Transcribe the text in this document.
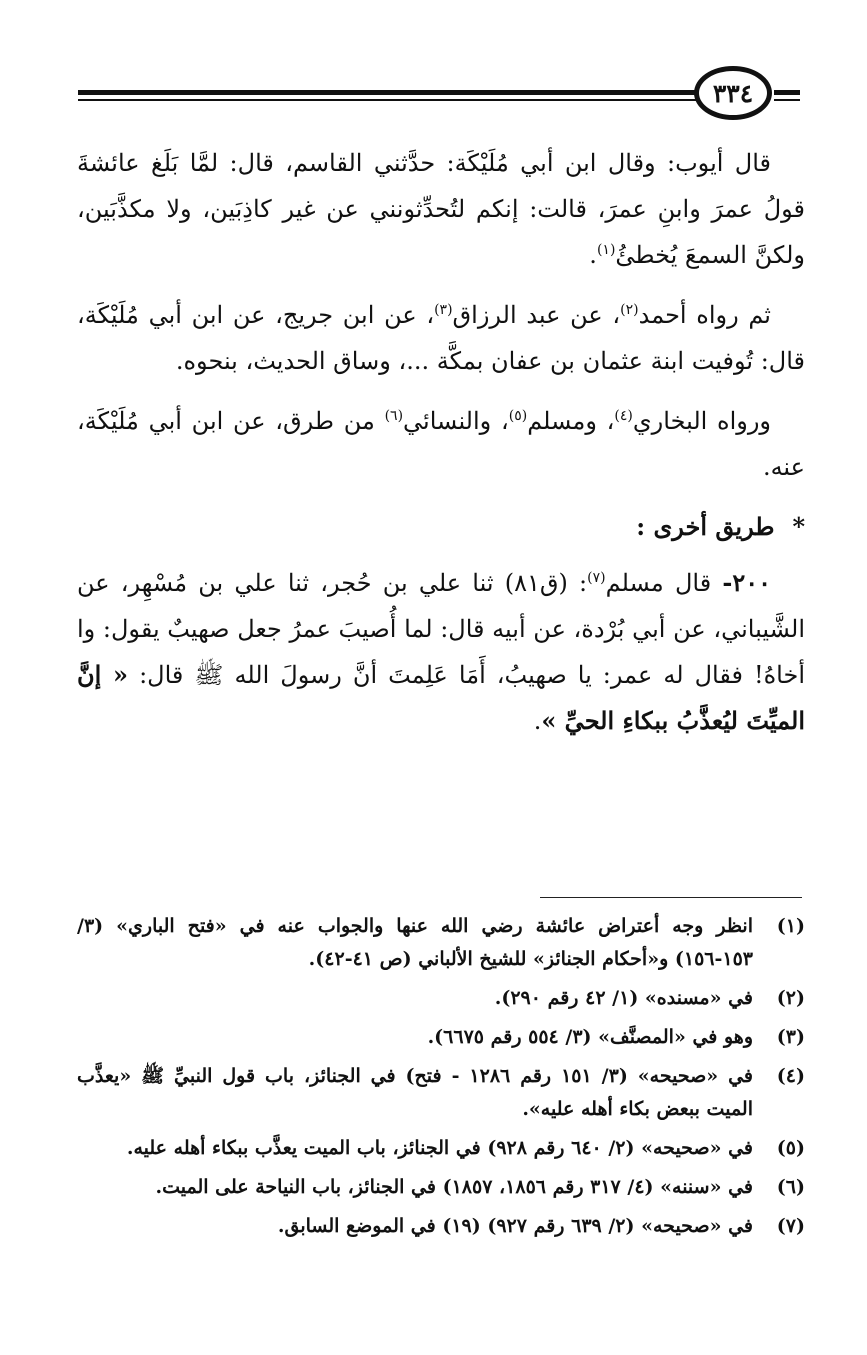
٣٣٤

قال أيوب: وقال ابن أبي مُلَيْكَة: حدَّثني القاسم، قال: لمَّا بَلَغ عائشةَ قولُ عمرَ وابنِ عمرَ، قالت: إنكم لتُحدِّثونني عن غير كاذِبَين، ولا مكذَّبَين، ولكنَّ السمعَ يُخطئُ$^{(١)}$.

ثم رواه أحمد$^{(٢)}$، عن عبد الرزاق$^{(٣)}$، عن ابن جريج، عن ابن أبي مُلَيْكَة، قال: تُوفيت ابنة عثمان بن عفان بمكَّة ...، وساق الحديث، بنحوه.

ورواه البخاري$^{(٤)}$، ومسلم$^{(٥)}$، والنسائي$^{(٦)}$ من طرق، عن ابن أبي مُلَيْكَة، عنه.

*طريق أخرى :

٢٠٠- قال مسلم$^{(٧)}$: (ق٨١) ثنا علي بن حُجر، ثنا علي بن مُسْهِر، عن الشَّيباني، عن أبي بُرْدة، عن أبيه قال: لما أُصيبَ عمرُ جعل صهيبٌ يقول: وا أخاهُ! فقال له عمر: يا صهيبُ، أَمَا عَلِمتَ أنَّ رسولَ الله ﷺ قال: « إنَّ الميِّتَ ليُعذَّبُ ببكاءِ الحيِّ ».

(١)
انظر وجه أعتراض عائشة رضي الله عنها والجواب عنه في «فتح الباري» (٣/ ١٥٣-١٥٦) و«أحكام الجنائز» للشيخ الألباني (ص ٤١-٤٢).
(٢)
في «مسنده» (١/ ٤٢ رقم ٢٩٠).
(٣)
وهو في «المصنَّف» (٣/ ٥٥٤ رقم ٦٦٧٥).
(٤)
في «صحيحه» (٣/ ١٥١ رقم ١٢٨٦ - فتح) في الجنائز، باب قول النبيِّ ﷺ «يعذَّب الميت ببعض بكاء أهله عليه».
(٥)
في «صحيحه» (٢/ ٦٤٠ رقم ٩٢٨) في الجنائز، باب الميت يعذَّب ببكاء أهله عليه.
(٦)
في «سننه» (٤/ ٣١٧ رقم ١٨٥٦، ١٨٥٧) في الجنائز، باب النياحة على الميت.
(٧)
في «صحيحه» (٢/ ٦٣٩ رقم ٩٢٧) (١٩) في الموضع السابق.
